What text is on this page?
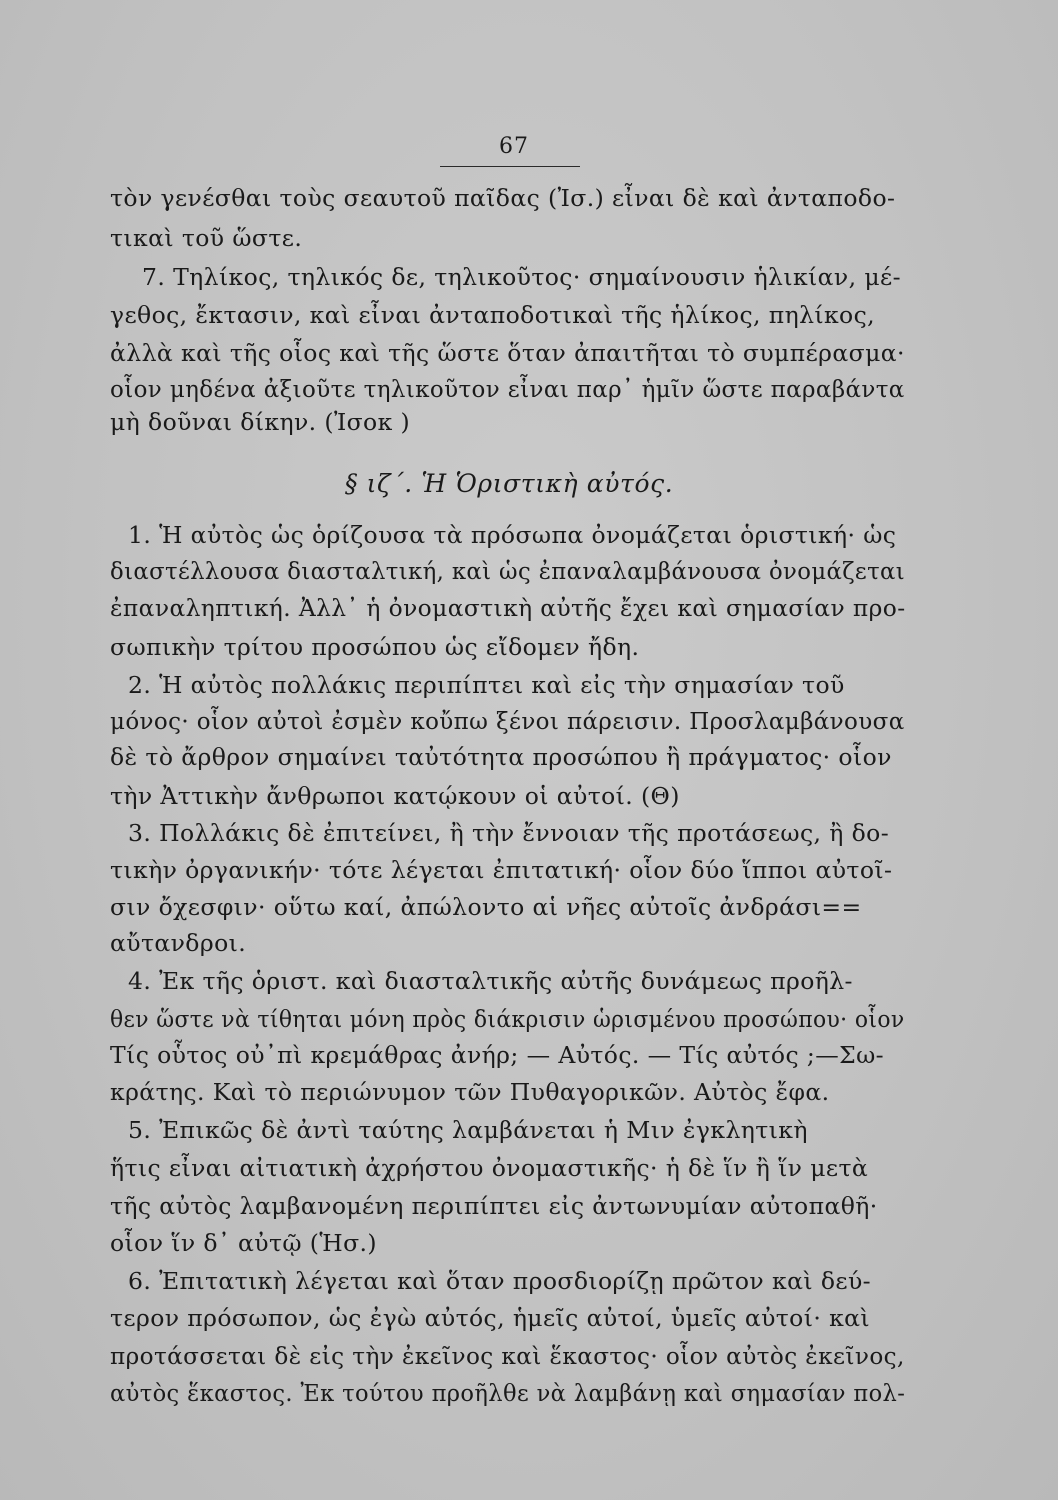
67
τὸν γενέσθαι τοὺς σεαυτοῦ παῖδας (Ἰσ.) εἶναι δὲ καὶ ἀνταποδο-
τικαὶ τοῦ ὥστε.
7. Τηλίκος, τηλικός δε, τηλικοῦτος· σημαίνουσιν ἡλικίαν, μέ-
γεθος, ἔκτασιν, καὶ εἶναι ἀνταποδοτικαὶ τῆς ἡλίκος, πηλίκος,
ἀλλὰ καὶ τῆς οἷος καὶ τῆς ὥστε ὅταν ἀπαιτῆται τὸ συμπέρασμα·
οἷον μηδένα ἀξιοῦτε τηλικοῦτον εἶναι παρ᾽ ἡμῖν ὥστε παραβάντα
μὴ δοῦναι δίκην. (Ἰσοκ )
§ ιζ΄. Ἡ Ὁριστικὴ αὐτός.
1. Ἡ αὐτὸς ὡς ὁρίζουσα τὰ πρόσωπα ὀνομάζεται ὁριστική· ὡς
διαστέλλουσα διασταλτική, καὶ ὡς ἐπαναλαμβάνουσα ὀνομάζεται
ἐπαναληπτική. Ἀλλ᾽ ἡ ὀνομαστικὴ αὐτῆς ἔχει καὶ σημασίαν προ-
σωπικὴν τρίτου προσώπου ὡς εἴδομεν ἤδη.
2. Ἡ αὐτὸς πολλάκις περιπίπτει καὶ εἰς τὴν σημασίαν τοῦ
μόνος· οἷον αὐτοὶ ἐσμὲν κοὔπω ξένοι πάρεισιν. Προσλαμβάνουσα
δὲ τὸ ἄρθρον σημαίνει ταὐτότητα προσώπου ἢ πράγματος· οἷον
τὴν Ἀττικὴν ἄνθρωποι κατῴκουν οἱ αὐτοί. (Θ)
3. Πολλάκις δὲ ἐπιτείνει, ἢ τὴν ἔννοιαν τῆς προτάσεως, ἢ δο-
τικὴν ὀργανικήν· τότε λέγεται ἐπιτατική· οἷον δύο ἵπποι αὐτοῖ-
σιν ὄχεσφιν· οὕτω καί, ἀπώλοντο αἱ νῆες αὐτοῖς ἀνδράσι==
αὔτανδροι.
4. Ἐκ τῆς ὁριστ. καὶ διασταλτικῆς αὐτῆς δυνάμεως προῆλ-
θεν ὥστε νὰ τίθηται μόνη πρὸς διάκρισιν ὡρισμένου προσώπου· οἷον
Τίς οὗτος οὐ᾽πὶ κρεμάθρας ἀνήρ; — Αὐτός. — Τίς αὐτός ;—Σω-
κράτης. Καὶ τὸ περιώνυμον τῶν Πυθαγορικῶν. Αὐτὸς ἔφα.
5. Ἐπικῶς δὲ ἀντὶ ταύτης λαμβάνεται ἡ Μιν ἐγκλητικὴ
ἥτις εἶναι αἰτιατικὴ ἀχρήστου ὀνομαστικῆς· ἡ δὲ ἵν ἢ ἵν μετὰ
τῆς αὐτὸς λαμβανομένη περιπίπτει εἰς ἀντωνυμίαν αὐτοπαθῆ·
οἷον ἵν δ᾽ αὐτῷ (Ἡσ.)
6. Ἐπιτατικὴ λέγεται καὶ ὅταν προσδιορίζῃ πρῶτον καὶ δεύ-
τερον πρόσωπον, ὡς ἐγὼ αὐτός, ἡμεῖς αὐτοί, ὑμεῖς αὐτοί· καὶ
προτάσσεται δὲ εἰς τὴν ἐκεῖνος καὶ ἕκαστος· οἷον αὐτὸς ἐκεῖνος,
αὐτὸς ἕκαστος. Ἐκ τούτου προῆλθε νὰ λαμβάνῃ καὶ σημασίαν πολ-
